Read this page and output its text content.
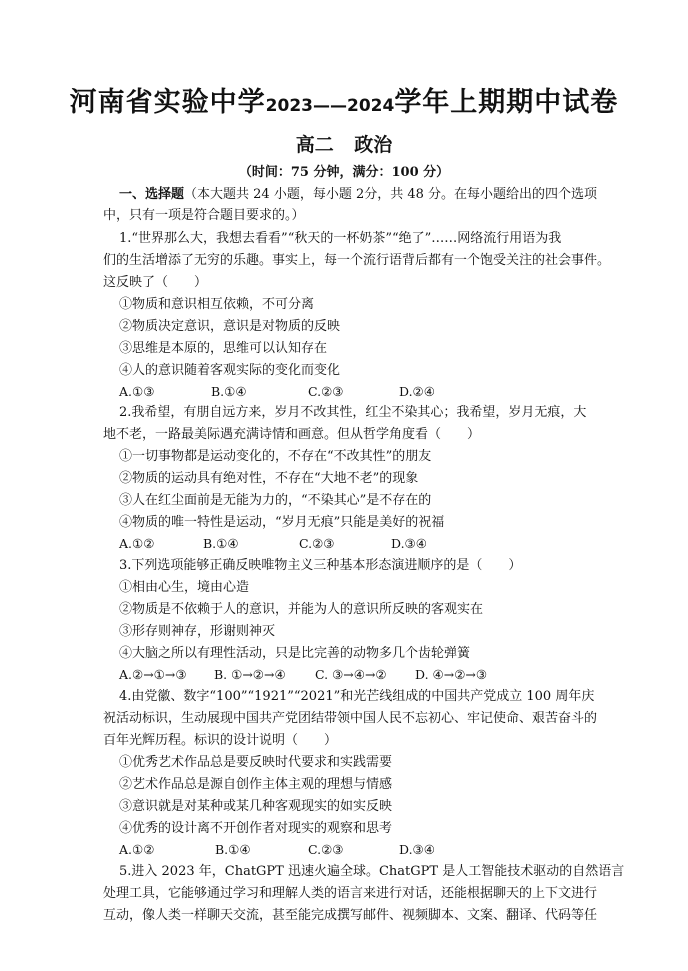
河南省实验中学2023——2024学年上期期中试卷
高二 政治
（时间：75 分钟，满分：100 分）
一、选择题（本大题共 24 小题，每小题 2分，共 48 分。在每小题给出的四个选项
中，只有一项是符合题目要求的。）
1.“世界那么大，我想去看看”“秋天的一杯奶茶”“绝了”……网络流行用语为我
们的生活增添了无穷的乐趣。事实上，每一个流行语背后都有一个饱受关注的社会事件。
这反映了（　　）
①物质和意识相互依赖，不可分离
②物质决定意识，意识是对物质的反映
③思维是本原的，思维可以认知存在
④人的意识随着客观实际的变化而变化
A.①③	B.①④	C.②③	D.②④
2.我希望，有朋自远方来，岁月不改其性，红尘不染其心；我希望，岁月无痕，大
地不老，一路最美际遇充满诗情和画意。但从哲学角度看（　　）
①一切事物都是运动变化的，不存在“不改其性”的朋友
②物质的运动具有绝对性，不存在“大地不老”的现象
③人在红尘面前是无能为力的，“不染其心”是不存在的
④物质的唯一特性是运动，“岁月无痕”只能是美好的祝福
A.①②	B.①④	C.②③	D.③④
3.下列选项能够正确反映唯物主义三种基本形态演进顺序的是（　　）
①相由心生，境由心造
②物质是不依赖于人的意识，并能为人的意识所反映的客观实在
③形存则神存，形谢则神灭
④大脑之所以有理性活动，只是比完善的动物多几个齿轮弹簧
A.②→①→③ B. ①→②→④ C. ③→④→② D. ④→②→③
4.由党徽、数字“100”“1921”“2021”和光芒线组成的中国共产党成立 100 周年庆
祝活动标识，生动展现中国共产党团结带领中国人民不忘初心、牢记使命、艰苦奋斗的
百年光辉历程。标识的设计说明（　　）
①优秀艺术作品总是要反映时代要求和实践需要
②艺术作品总是源自创作主体主观的理想与情感
③意识就是对某种或某几种客观现实的如实反映
④优秀的设计离不开创作者对现实的观察和思考
A.①②	B.①④	C.②③	D.③④
5.进入 2023 年，ChatGPT 迅速火遍全球。ChatGPT 是人工智能技术驱动的自然语言
处理工具，它能够通过学习和理解人类的语言来进行对话，还能根据聊天的上下文进行
互动，像人类一样聊天交流，甚至能完成撰写邮件、视频脚本、文案、翻译、代码等任
